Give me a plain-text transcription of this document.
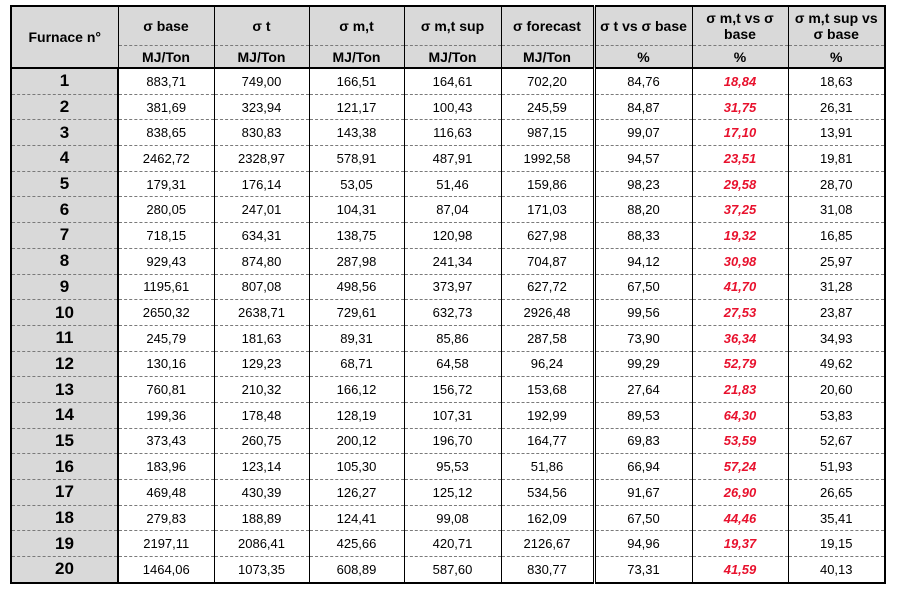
Furnace n°	σ base	σ t	σ m,t	σ m,t sup	σ forecast	σ t vs σ base	σ m,t vs σ base	σ m,t sup vs σ base
	MJ/Ton	MJ/Ton	MJ/Ton	MJ/Ton	MJ/Ton	%	%	%
1	883,71	749,00	166,51	164,61	702,20	84,76	18,84	18,63
2	381,69	323,94	121,17	100,43	245,59	84,87	31,75	26,31
3	838,65	830,83	143,38	116,63	987,15	99,07	17,10	13,91
4	2462,72	2328,97	578,91	487,91	1992,58	94,57	23,51	19,81
5	179,31	176,14	53,05	51,46	159,86	98,23	29,58	28,70
6	280,05	247,01	104,31	87,04	171,03	88,20	37,25	31,08
7	718,15	634,31	138,75	120,98	627,98	88,33	19,32	16,85
8	929,43	874,80	287,98	241,34	704,87	94,12	30,98	25,97
9	1195,61	807,08	498,56	373,97	627,72	67,50	41,70	31,28
10	2650,32	2638,71	729,61	632,73	2926,48	99,56	27,53	23,87
11	245,79	181,63	89,31	85,86	287,58	73,90	36,34	34,93
12	130,16	129,23	68,71	64,58	96,24	99,29	52,79	49,62
13	760,81	210,32	166,12	156,72	153,68	27,64	21,83	20,60
14	199,36	178,48	128,19	107,31	192,99	89,53	64,30	53,83
15	373,43	260,75	200,12	196,70	164,77	69,83	53,59	52,67
16	183,96	123,14	105,30	95,53	51,86	66,94	57,24	51,93
17	469,48	430,39	126,27	125,12	534,56	91,67	26,90	26,65
18	279,83	188,89	124,41	99,08	162,09	67,50	44,46	35,41
19	2197,11	2086,41	425,66	420,71	2126,67	94,96	19,37	19,15
20	1464,06	1073,35	608,89	587,60	830,77	73,31	41,59	40,13
